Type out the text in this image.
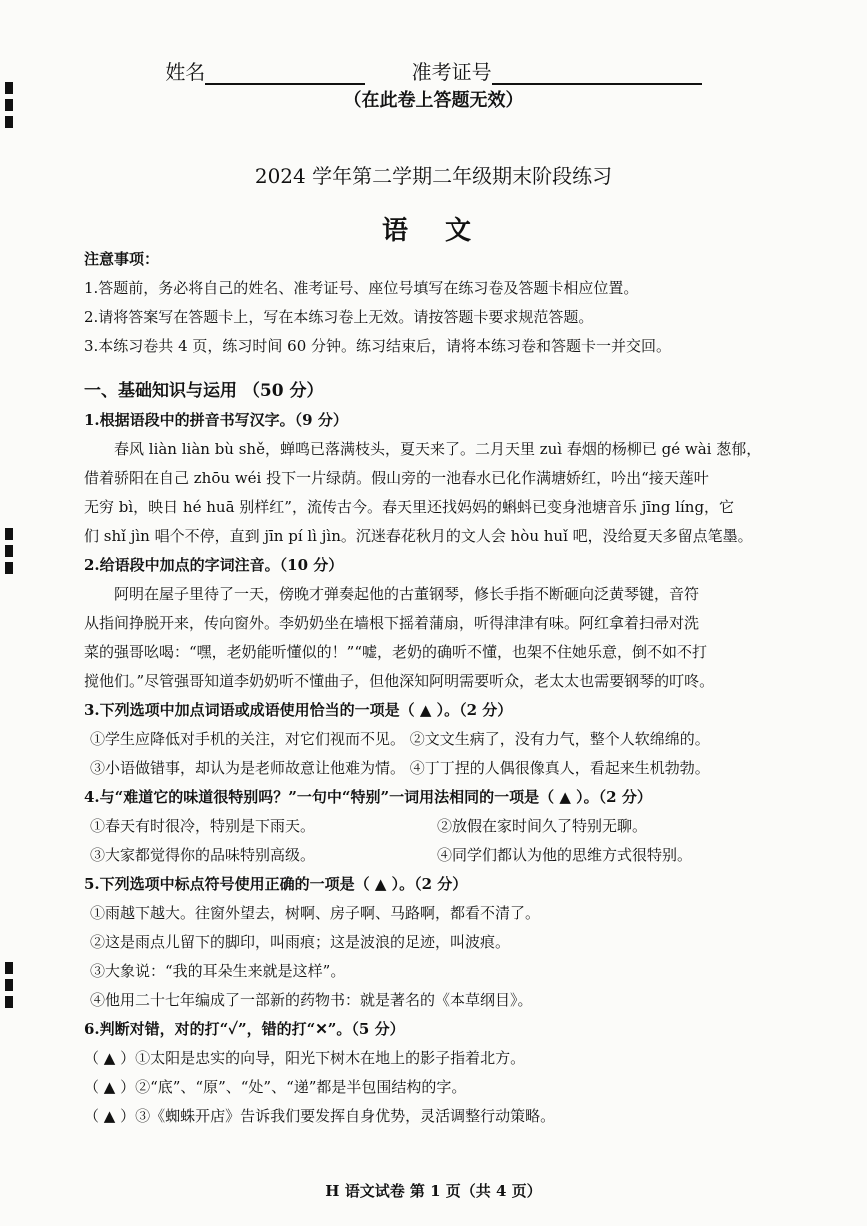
姓名	准考证号
（在此卷上答题无效）
2024 学年第二学期二年级期末阶段练习
语 文
注意事项：
1.答题前，务必将自己的姓名、准考证号、座位号填写在练习卷及答题卡相应位置。
2.请将答案写在答题卡上，写在本练习卷上无效。请按答题卡要求规范答题。
3.本练习卷共 4 页，练习时间 60 分钟。练习结束后，请将本练习卷和答题卡一并交回。
一、基础知识与运用 （50 分）
1.根据语段中的拼音书写汉字。（9 分）
春风 liàn liàn bù shě，蝉鸣已落满枝头，夏天来了。二月天里 zuì 春烟的杨柳已 gé wài 葱郁，
借着骄阳在自己 zhōu wéi 投下一片绿荫。假山旁的一池春水已化作满塘娇红，吟出“接天莲叶
无穷 bì，映日 hé huā 别样红”，流传古今。春天里还找妈妈的蝌蚪已变身池塘音乐 jīng líng，它
们 shǐ jìn 唱个不停，直到 jīn pí lì jìn。沉迷春花秋月的文人会 hòu huǐ 吧，没给夏天多留点笔墨。
2.给语段中加点的字词注音。（10 分）
阿明在屋子里待了一天，傍晚才弹奏起他的古董钢琴，修长手指不断砸向泛黄琴键，音符
从指间挣脱开来，传向窗外。李奶奶坐在墙根下摇着蒲扇，听得津津有味。阿红拿着扫帚对洗
菜的强哥吆喝：“嘿，老奶能听懂似的！”“嘘，老奶的确听不懂，也架不住她乐意，倒不如不打
搅他们。”尽管强哥知道李奶奶听不懂曲子，但他深知阿明需要听众，老太太也需要钢琴的叮咚。
3.下列选项中加点词语或成语使用恰当的一项是（ ▲ ）。（2 分）
①学生应降低对手机的关注，对它们视而不见。 ②文文生病了，没有力气，整个人软绵绵的。
③小语做错事，却认为是老师故意让他难为情。 ④丁丁捏的人偶很像真人，看起来生机勃勃。
4.与“难道它的味道很特别吗？”一句中“特别”一词用法相同的一项是（ ▲ ）。（2 分）
①春天有时很冷，特别是下雨天。	②放假在家时间久了特别无聊。
③大家都觉得你的品味特别高级。	④同学们都认为他的思维方式很特别。
5.下列选项中标点符号使用正确的一项是（ ▲ ）。（2 分）
①雨越下越大。往窗外望去，树啊、房子啊、马路啊，都看不清了。
②这是雨点儿留下的脚印，叫雨痕；这是波浪的足迹，叫波痕。
③大象说：“我的耳朵生来就是这样”。
④他用二十七年编成了一部新的药物书：就是著名的《本草纲目》。
6.判断对错，对的打“✓”，错的打“✕”。（5 分）
（ ▲ ）①太阳是忠实的向导，阳光下树木在地上的影子指着北方。
（ ▲ ）②“底”、“原”、“处”、“递”都是半包围结构的字。
（ ▲ ）③《蜘蛛开店》告诉我们要发挥自身优势，灵活调整行动策略。
H 语文试卷 第 1 页（共 4 页）
